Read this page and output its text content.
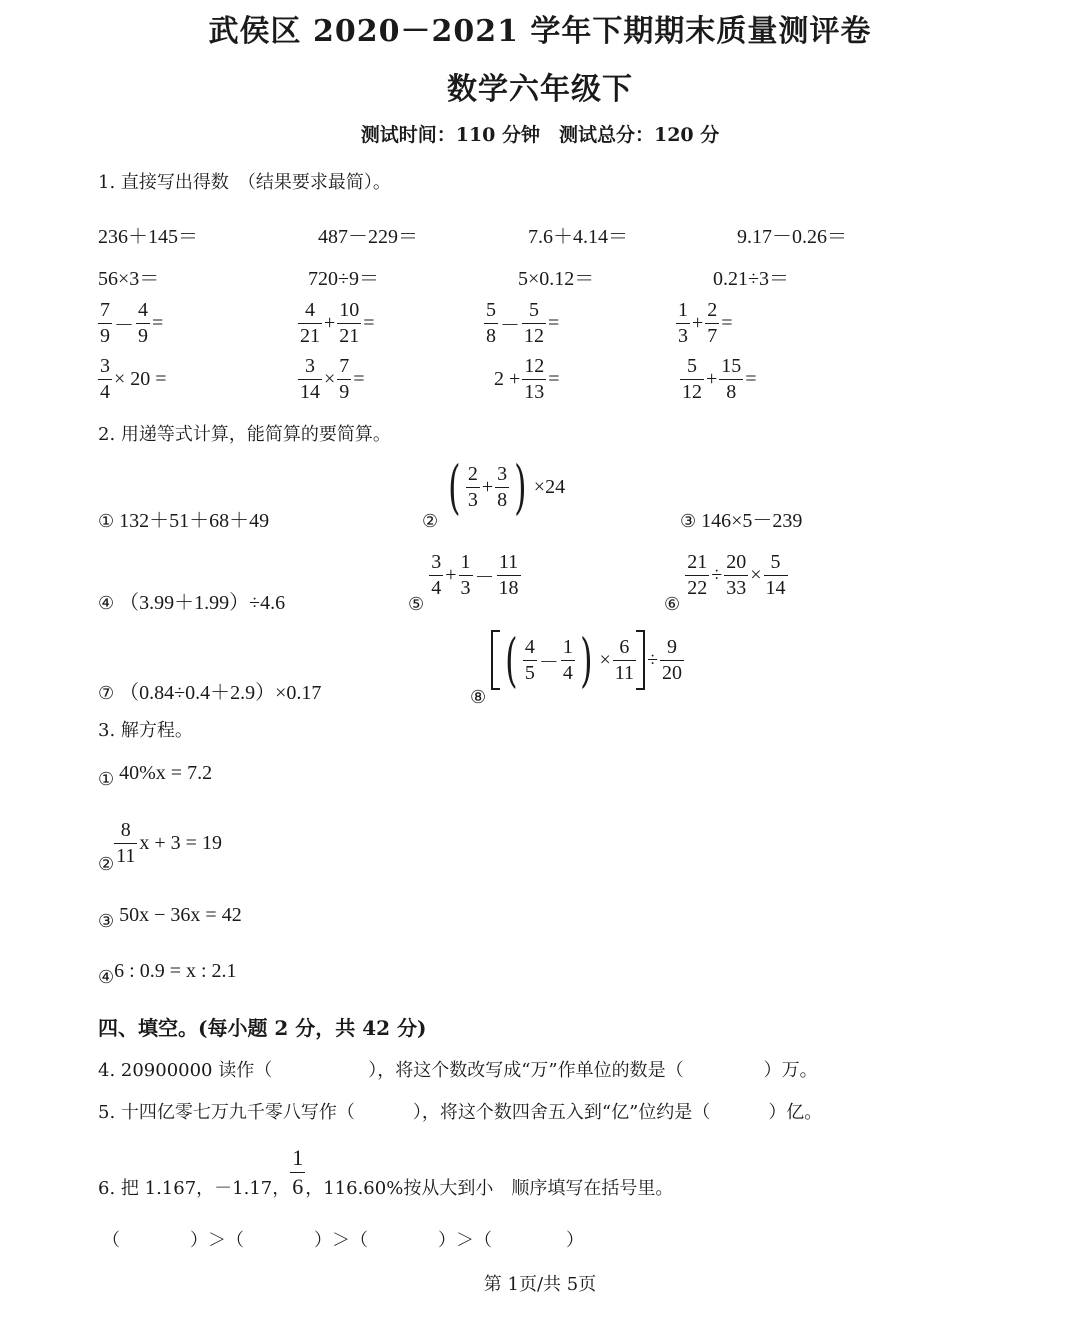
武侯区 2020－2021 学年下期期末质量测评卷
数学六年级下
测试时间：110 分钟　测试总分：120 分
1. 直接写出得数　（结果要求最简）。
236＋145＝	487－229＝	7.6＋4.14＝	9.17－0.26＝
56×3＝	720÷9＝	5×0.12＝	0.21÷3＝
$\frac{7}{9} - \frac{4}{9}$ =	$\frac{4}{21} + \frac{10}{21}$ =	$\frac{5}{8} - \frac{5}{12}$ =	$\frac{1}{3} + \frac{2}{7}$ =
$\frac{3}{4} \times 20$ =	$\frac{3}{14} \times \frac{7}{9}$ =	$2 + \frac{12}{13}$ =	$\frac{5}{12} + \frac{15}{8}$ =
2. 用递等式计算，能简算的要简算。
① 132＋51＋68＋49	② ( $\frac{2}{3} + \frac{3}{8}$ ) ×24
③ 146×5－239
④ （3.99＋1.99）÷4.6	⑤
$\frac{3}{4} + \frac{1}{3} - \frac{11}{18}$
⑥
$\frac{21}{22} \div \frac{20}{33} \times \frac{5}{14}$
⑦ （0.84÷0.4＋2.9）×0.17	⑧ ( $\frac{4}{5} - \frac{1}{4}$ ) × $\frac{6}{11} \div \frac{9}{20}$
3. 解方程。
① 40%x = 7.2
② $\frac{8}{11}$ x + 3 = 19
③ 50x − 36x = 42
④6 : 0.9 = x : 2.1
四、填空。(每小题 2 分，共 42 分)
4. 20900000 读作（	），将这个数改写成“万”作单位的数是（	）万。
5. 十四亿零七万九千零八写作（	），将这个数四舍五入到“亿”位约是（	）亿。
6. 把 1.167，－1.17， $\frac{1}{6}$ ，116.60%按从大到小　顺序填写在括号里。
（	）＞（	）＞（	）＞（	）
第 1页/共 5页
